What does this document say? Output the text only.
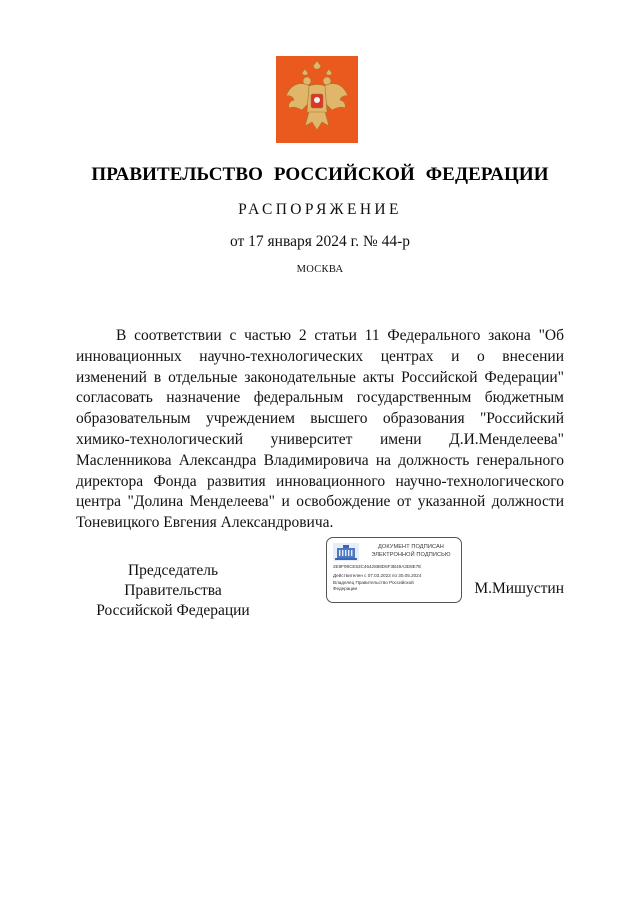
ПРАВИТЕЛЬСТВО РОССИЙСКОЙ ФЕДЕРАЦИИ
РАСПОРЯЖЕНИЕ
от 17 января 2024 г. № 44-р
МОСКВА
В соответствии с частью 2 статьи 11 Федерального закона "Об инновационных научно-технологических центрах и о внесении изменений в отдельные законодательные акты Российской Федерации" согласовать назначение федеральным государственным бюджетным образовательным учреждением высшего образования "Российский химико-технологический университет имени Д.И.Менделеева" Масленникова Александра Владимировича на должность генерального директора Фонда развития инновационного научно-технологического центра "Долина Менделеева" и освобождение от указанной должности Тоневицкого Евгения Александровича.
Председатель Правительства
Российской Федерации
ДОКУМЕНТ ПОДПИСАН
ЭЛЕКТРОННОЙ ПОДПИСЬЮ
2E8F99CE53C4642888D6F3B49A3D8E7E
Действителен с 07.03.2023 по 30.05.2024
Владелец Правительство Российской
Федерации	М.Мишустин
